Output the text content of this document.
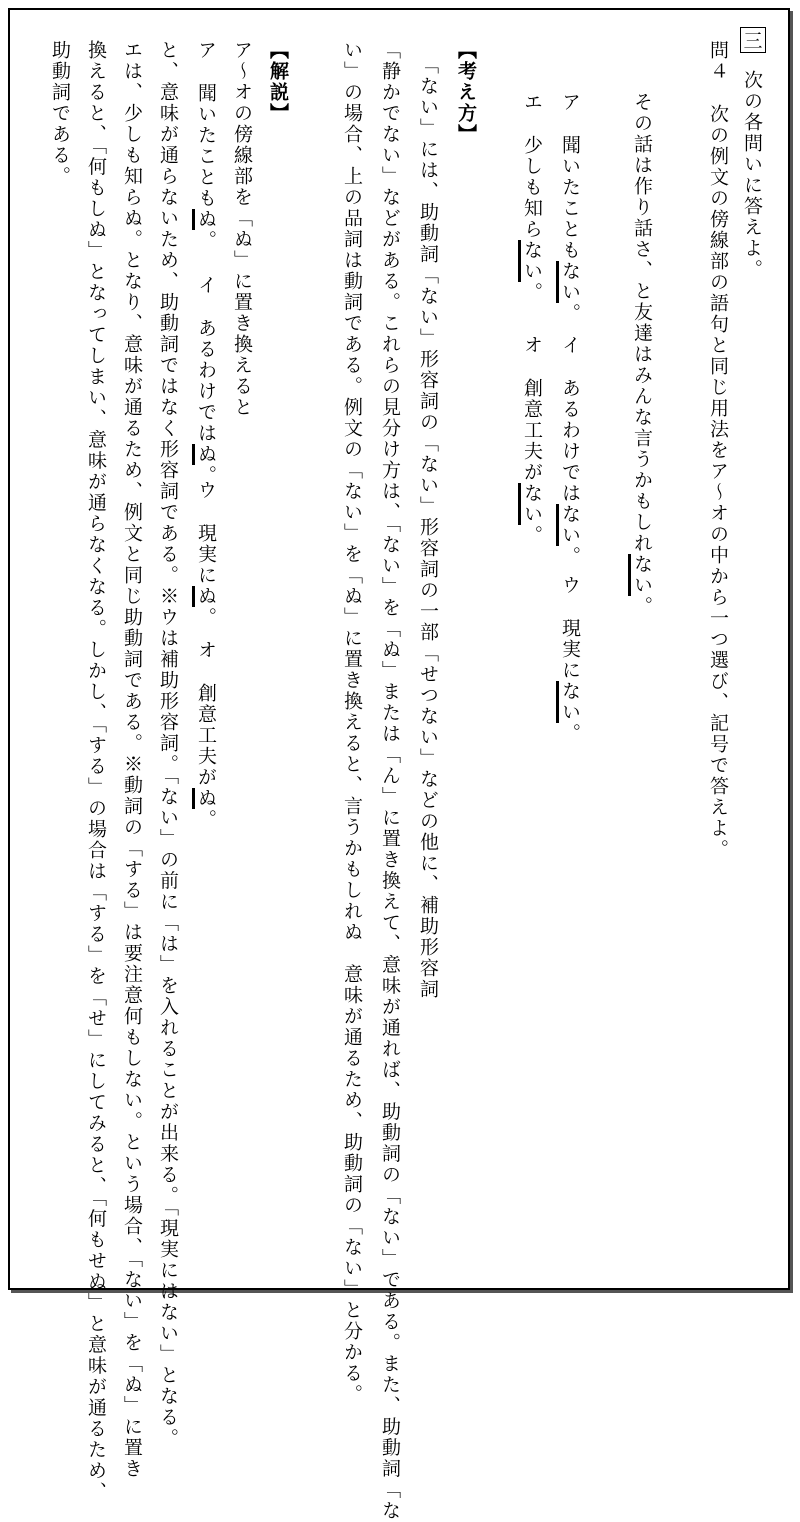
三
次の各問いに答えよ。
問４次の例文の傍線部の語句と同じ用法をア～オの中から一つ選び、記号で答えよ。
その話は作り話さ、と友達はみんな言うかもしれない。
ア聞いたこともない。
イあるわけではない。
ウ現実にない。
エ少しも知らない。
オ創意工夫がない。
【考え方】
「ない」には、助動詞「ない」形容詞の「ない」形容詞の一部「せつない」などの他に、補助形容詞
「静かでない」などがある。これらの見分け方は、「ない」を「ぬ」または「ん」に置き換えて、意味が通れば、助動詞の「ない」である。また、助動詞「な
い」の場合、上の品詞は動詞である。例文の「ない」を「ぬ」に置き換えると、言うかもしれぬ　意味が通るため、助動詞の「ない」と分かる。
【解説】
ア～オの傍線部を「ぬ」に置き換えると
ア聞いたこともぬ。
イあるわけではぬ。
ウ現実にぬ。
オ創意工夫がぬ。
と、意味が通らないため、助動詞ではなく形容詞である。※ウは補助形容詞。「ない」の前に「は」を入れることが出来る。「現実にはない」となる。
エは、少しも知らぬ。となり、意味が通るため、例文と同じ助動詞である。※動詞の「する」は要注意何もしない。という場合、「ない」を「ぬ」に置き
換えると、「何もしぬ」となってしまい、意味が通らなくなる。しかし、「する」の場合は「する」を「せ」にしてみると、「何もせぬ」と意味が通るため、
助動詞である。
